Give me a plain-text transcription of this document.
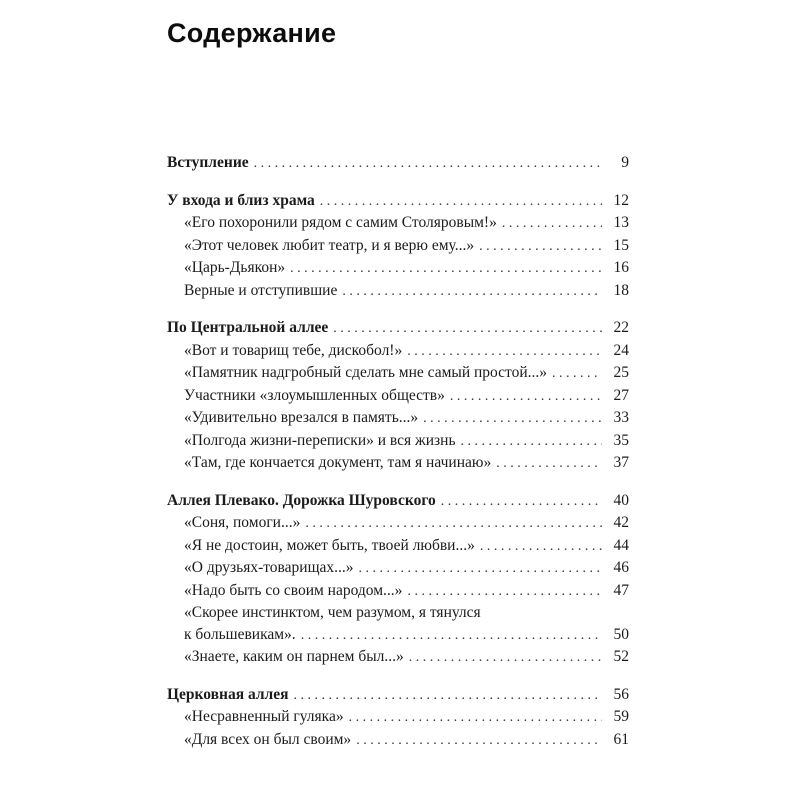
Содержание
Вступление .....	9
У входа и близ храма .....	12
«Его похоронили рядом с самим Столяровым!» .....	13
«Этот человек любит театр, и я верю ему...» .....	15
«Царь-Дьякон» .....	16
Верные и отступившие .....	18
По Центральной аллее .....	22
«Вот и товарищ тебе, дискобол!» .....	24
«Памятник надгробный сделать мне самый простой...» .....	25
Участники «злоумышленных обществ» .....	27
«Удивительно врезался в память...» .....	33
«Полгода жизни-переписки» и вся жизнь .....	35
«Там, где кончается документ, там я начинаю» .....	37
Аллея Плевако. Дорожка Шуровского .....	40
«Соня, помоги...» .....	42
«Я не достоин, может быть, твоей любви...» .....	44
«О друзьях-товарищах...» .....	46
«Надо быть со своим народом...» .....	47
«Скорее инстинктом, чем разумом, я тянулся
к большевикам». .....	50
«Знаете, каким он парнем был...» .....	52
Церковная аллея .....	56
«Несравненный гуляка» .....	59
«Для всех он был своим» .....	61
